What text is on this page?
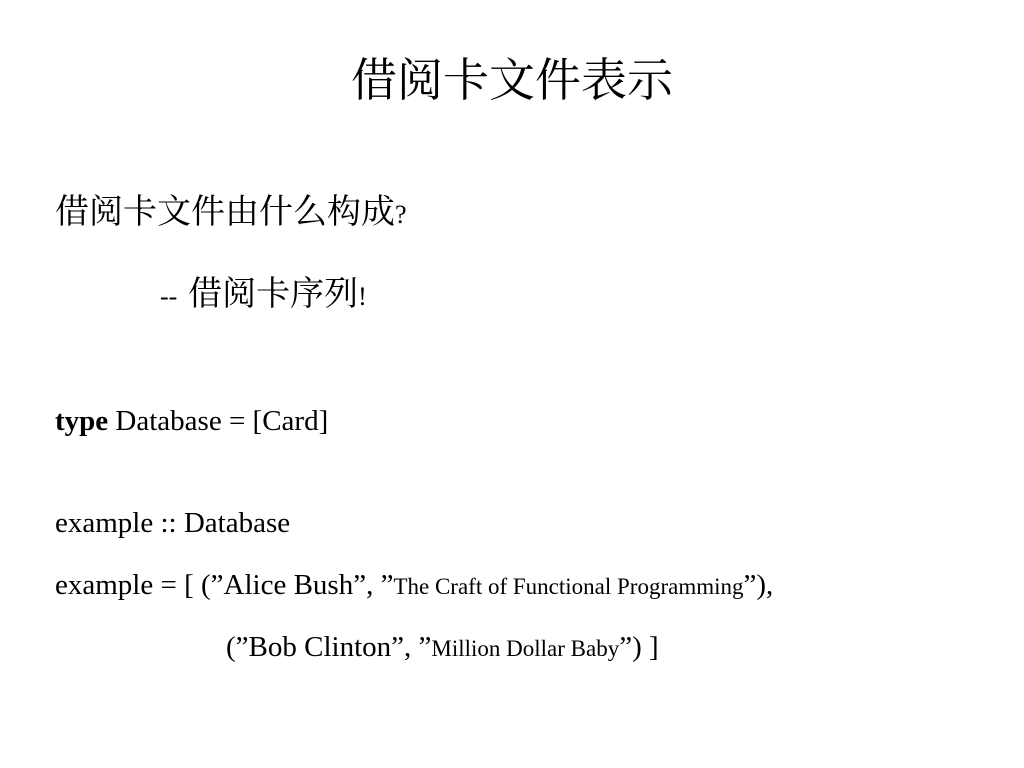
借阅卡文件表示
借阅卡文件由什么构成?
-- 借阅卡序列!
type Database = [Card]
example :: Database
example = [ (”Alice Bush”, ”The Craft of Functional Programming”),
(”Bob Clinton”, ”Million Dollar Baby”) ]
